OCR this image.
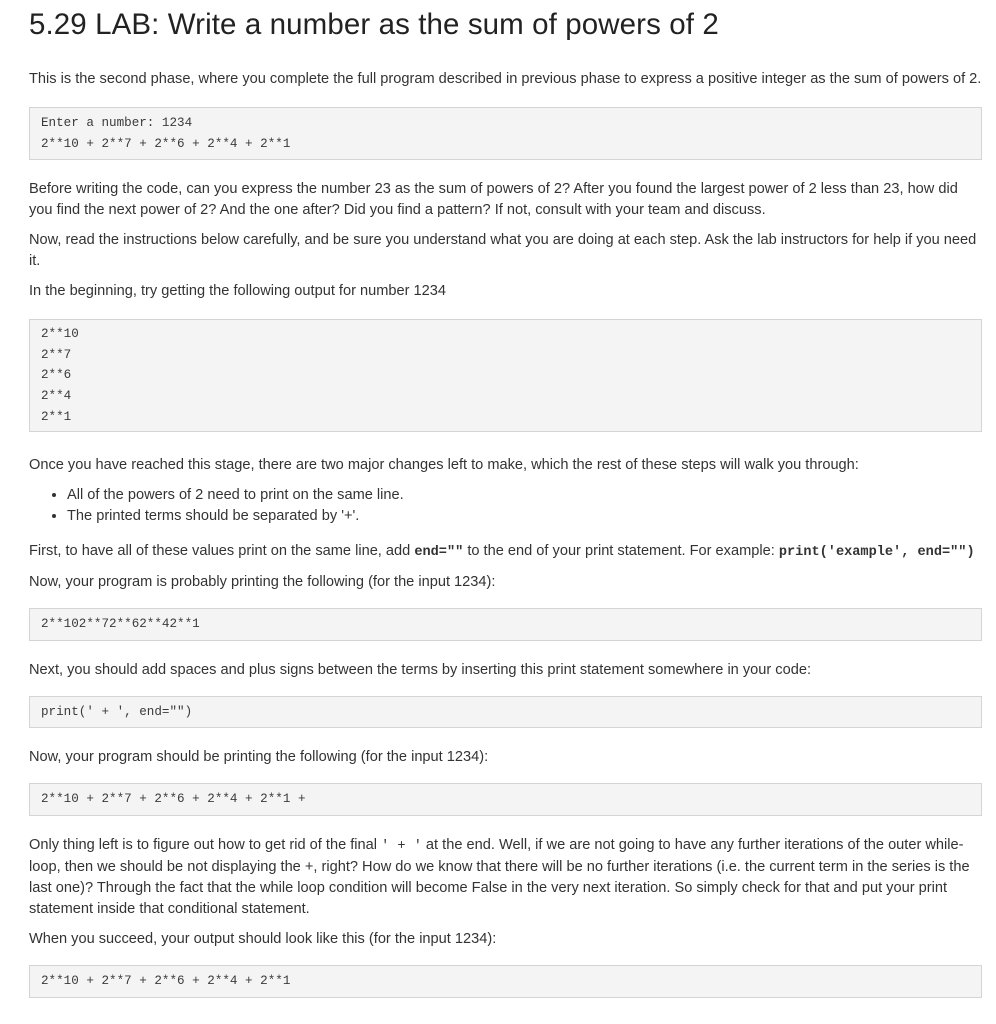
5.29 LAB: Write a number as the sum of powers of 2

This is the second phase, where you complete the full program described in previous phase to express a positive integer as the sum of powers of 2.

Enter a number: 1234
2**10 + 2**7 + 2**6 + 2**4 + 2**1

Before writing the code, can you express the number 23 as the sum of powers of 2? After you found the largest power of 2 less than 23, how did you find the next power of 2? And the one after? Did you find a pattern? If not, consult with your team and discuss.

Now, read the instructions below carefully, and be sure you understand what you are doing at each step. Ask the lab instructors for help if you need it.

In the beginning, try getting the following output for number 1234

2**10
2**7
2**6
2**4
2**1

Once you have reached this stage, there are two major changes left to make, which the rest of these steps will walk you through:

• All of the powers of 2 need to print on the same line.
• The printed terms should be separated by '+'.

First, to have all of these values print on the same line, add end="" to the end of your print statement. For example: print('example', end="")

Now, your program is probably printing the following (for the input 1234):

2**102**72**62**42**1

Next, you should add spaces and plus signs between the terms by inserting this print statement somewhere in your code:

print(' + ', end="")

Now, your program should be printing the following (for the input 1234):

2**10 + 2**7 + 2**6 + 2**4 + 2**1 +

Only thing left is to figure out how to get rid of the final ' + ' at the end. Well, if we are not going to have any further iterations of the outer while-loop, then we should be not displaying the +, right? How do we know that there will be no further iterations (i.e. the current term in the series is the last one)? Through the fact that the while loop condition will become False in the very next iteration. So simply check for that and put your print statement inside that conditional statement.

When you succeed, your output should look like this (for the input 1234):

2**10 + 2**7 + 2**6 + 2**4 + 2**1
